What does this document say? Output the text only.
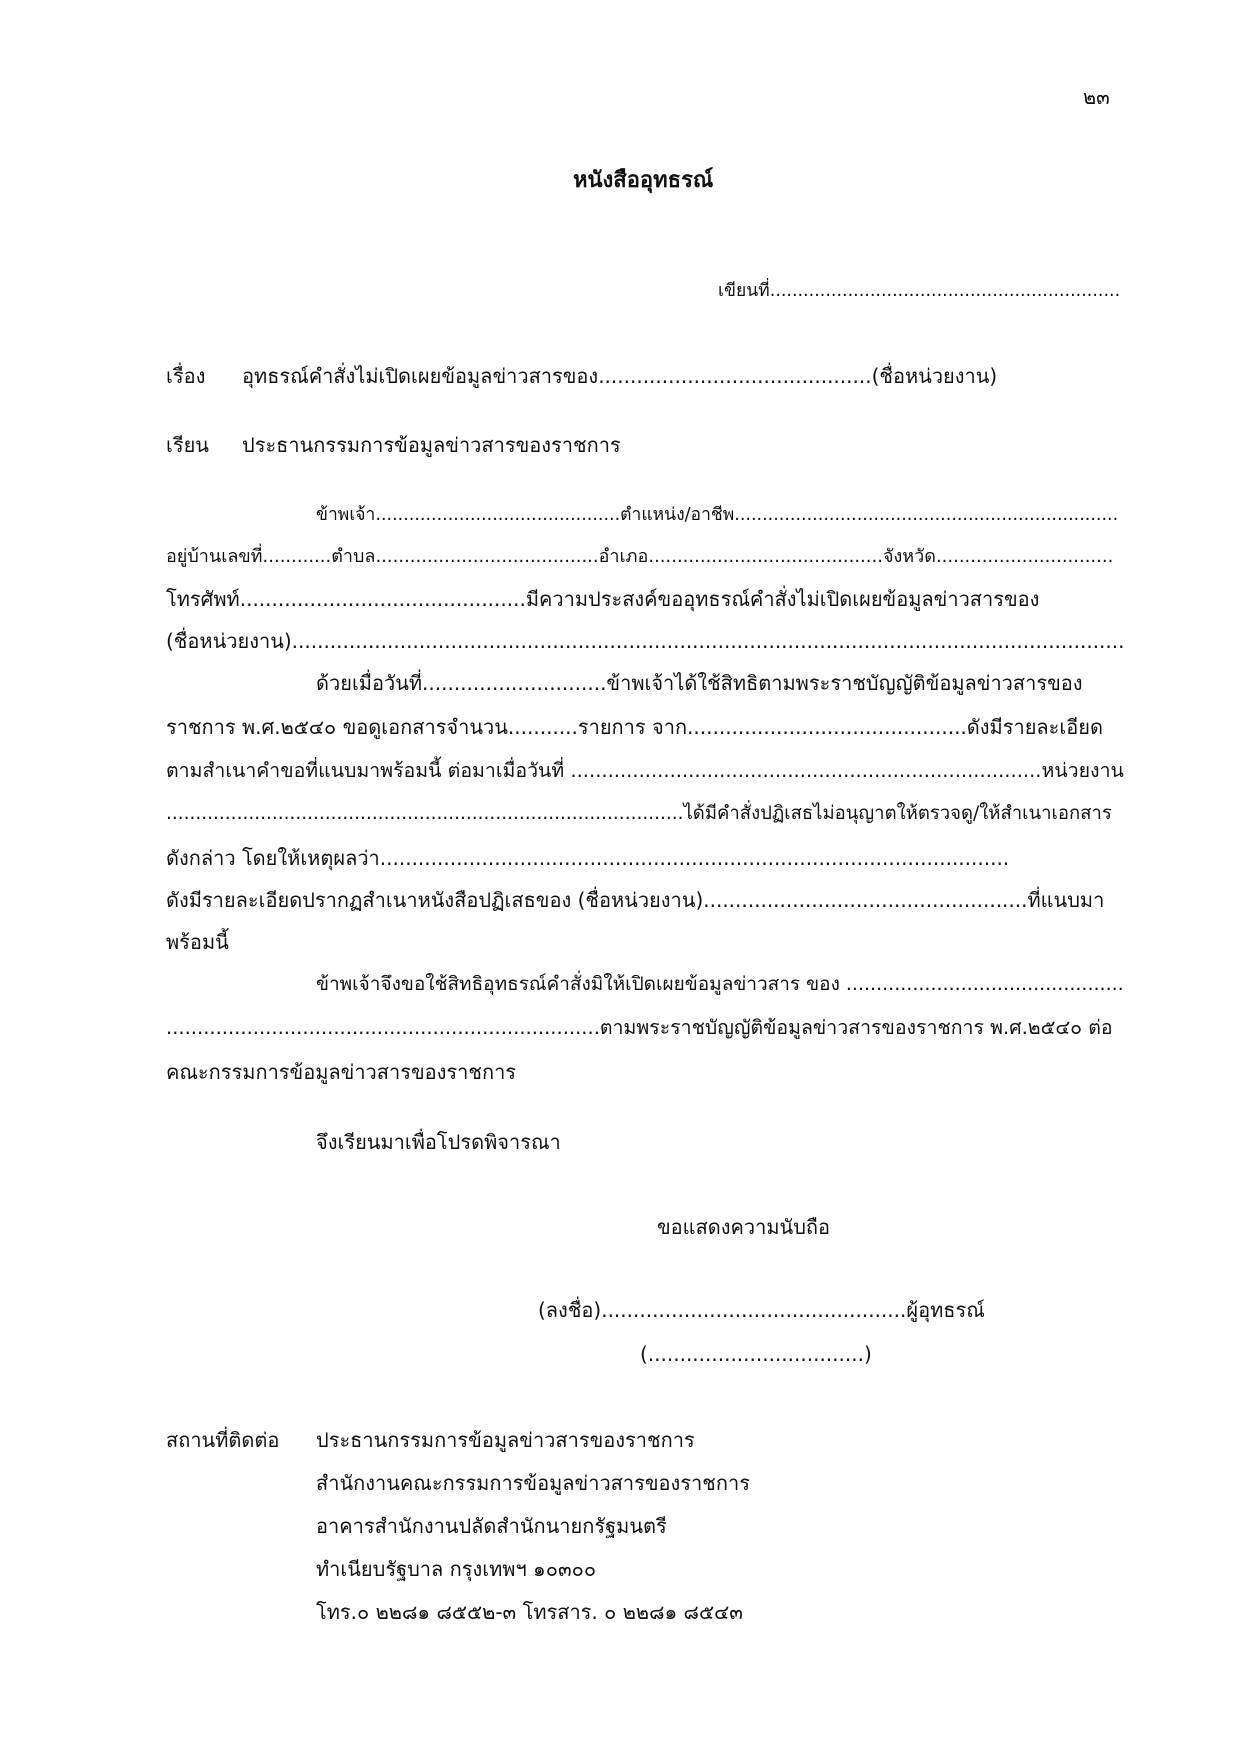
๒๓
หนังสืออุทธรณ์
เขียนที่...............................................................
เรื่อง อุทธรณ์คำสั่งไม่เปิดเผยข้อมูลข่าวสารของ...........................................(ชื่อหน่วยงาน)
เรียน ประธานกรรมการข้อมูลข่าวสารของราชการ
ข้าพเจ้า............................................ตำแหน่ง/อาชีพ.....................................................................
อยู่บ้านเลขที่............ตำบล.......................................อำเภอ.........................................จังหวัด...............................
โทรศัพท์.............................................มีความประสงค์ขออุทธรณ์คำสั่งไม่เปิดเผยข้อมูลข่าวสารของ
(ชื่อหน่วยงาน)...................................................................................................................................
ด้วยเมื่อวันที่.............................ข้าพเจ้าได้ใช้สิทธิตามพระราชบัญญัติข้อมูลข่าวสารของ
ราชการ พ.ศ.๒๕๔๐ ขอดูเอกสารจำนวน...........รายการ จาก............................................ดังมีรายละเอียด
ตามสำเนาคำขอที่แนบมาพร้อมนี้ ต่อมาเมื่อวันที่ ............................................................................หน่วยงาน
........................................................................................ได้มีคำสั่งปฏิเสธไม่อนุญาตให้ตรวจดู/ให้สำเนาเอกสาร
ดังกล่าว โดยให้เหตุผลว่า...................................................................................................
ดังมีรายละเอียดปรากฏสำเนาหนังสือปฏิเสธของ (ชื่อหน่วยงาน)...................................................ที่แนบมา
พร้อมนี้
ข้าพเจ้าจึงขอใช้สิทธิอุทธรณ์คำสั่งมิให้เปิดเผยข้อมูลข่าวสาร ของ ..............................................
......................................................................ตามพระราชบัญญัติข้อมูลข่าวสารของราชการ พ.ศ.๒๕๔๐ ต่อ
คณะกรรมการข้อมูลข่าวสารของราชการ
จึงเรียนมาเพื่อโปรดพิจารณา
ขอแสดงความนับถือ
(ลงชื่อ)................................................ผู้อุทธรณ์
(..................................)
สถานที่ติดต่อ ประธานกรรมการข้อมูลข่าวสารของราชการ
สำนักงานคณะกรรมการข้อมูลข่าวสารของราชการ
อาคารสำนักงานปลัดสำนักนายกรัฐมนตรี
ทำเนียบรัฐบาล กรุงเทพฯ ๑๐๓๐๐
โทร.๐ ๒๒๘๑ ๘๕๕๒-๓ โทรสาร. ๐ ๒๒๘๑ ๘๕๔๓
